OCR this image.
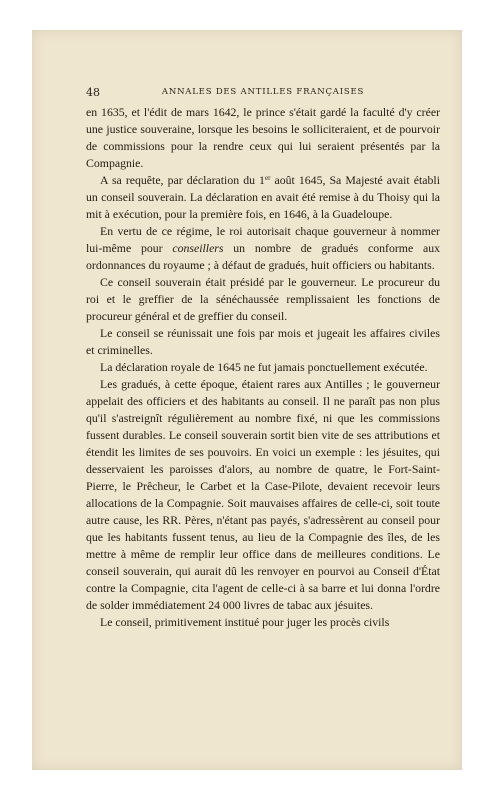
48	ANNALES DES ANTILLES FRANÇAISES

en 1635, et l'édit de mars 1642, le prince s'était gardé la faculté d'y créer une justice souveraine, lorsque les besoins le solliciteraient, et de pourvoir de commissions pour la rendre ceux qui lui seraient présentés par la Compagnie.

A sa requête, par déclaration du 1er août 1645, Sa Majesté avait établi un conseil souverain. La déclaration en avait été remise à du Thoisy qui la mit à exécution, pour la première fois, en 1646, à la Guadeloupe.

En vertu de ce régime, le roi autorisait chaque gouverneur à nommer lui-même pour conseillers un nombre de gradués conforme aux ordonnances du royaume ; à défaut de gradués, huit officiers ou habitants.

Ce conseil souverain était présidé par le gouverneur. Le procureur du roi et le greffier de la sénéchaussée remplissaient les fonctions de procureur général et de greffier du conseil.

Le conseil se réunissait une fois par mois et jugeait les affaires civiles et criminelles.

La déclaration royale de 1645 ne fut jamais ponctuellement exécutée.

Les gradués, à cette époque, étaient rares aux Antilles ; le gouverneur appelait des officiers et des habitants au conseil. Il ne paraît pas non plus qu'il s'astreignît régulièrement au nombre fixé, ni que les commissions fussent durables. Le conseil souverain sortit bien vite de ses attributions et étendit les limites de ses pouvoirs. En voici un exemple : les jésuites, qui desservaient les paroisses d'alors, au nombre de quatre, le Fort-Saint-Pierre, le Prêcheur, le Carbet et la Case-Pilote, devaient recevoir leurs allocations de la Compagnie. Soit mauvaises affaires de celle-ci, soit toute autre cause, les RR. Pères, n'étant pas payés, s'adressèrent au conseil pour que les habitants fussent tenus, au lieu de la Compagnie des îles, de les mettre à même de remplir leur office dans de meilleures conditions. Le conseil souverain, qui aurait dû les renvoyer en pourvoi au Conseil d'État contre la Compagnie, cita l'agent de celle-ci à sa barre et lui donna l'ordre de solder immédiatement 24 000 livres de tabac aux jésuites.

Le conseil, primitivement institué pour juger les procès civils
